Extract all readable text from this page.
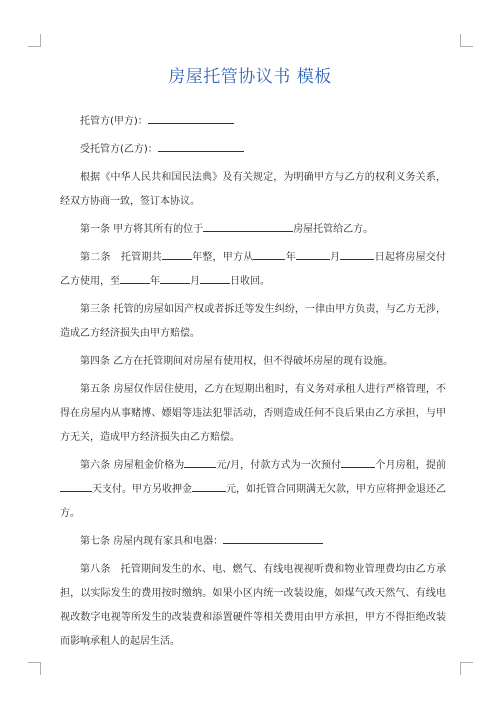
房屋托管协议书 模板

托管方(甲方)：

受托管方(乙方)：

根据《中华人民共和国民法典》及有关规定，为明确甲方与乙方的权利义务关系，经双方协商一致，签订本协议。

第一条 甲方将其所有的位于	房屋托管给乙方。

第二条　托管期共	年整，甲方从	年	月	日起将房屋交付乙方使用，至	年	月	日收回。

第三条 托管的房屋如因产权或者拆迁等发生纠纷，一律由甲方负责，与乙方无涉，造成乙方经济损失由甲方赔偿。

第四条 乙方在托管期间对房屋有使用权，但不得破坏房屋的现有设施。

第五条 房屋仅作居住使用，乙方在短期出租时，有义务对承租人进行严格管理，不得在房屋内从事赌博、嫖娼等违法犯罪活动，否则造成任何不良后果由乙方承担，与甲方无关，造成甲方经济损失由乙方赔偿。

第六条 房屋租金价格为	元/月，付款方式为一次预付	个月房租，提前天支付。甲方另收押金	元，如托管合同期满无欠款，甲方应将押金退还乙方。

第七条 房屋内现有家具和电器：

第八条　托管期间发生的水、电、燃气、有线电视视听费和物业管理费均由乙方承担，以实际发生的费用按时缴纳。如果小区内统一改装设施，如煤气改天然气、有线电视改数字电视等所发生的改装费和添置硬件等相关费用由甲方承担，甲方不得拒绝改装而影响承租人的起居生活。
